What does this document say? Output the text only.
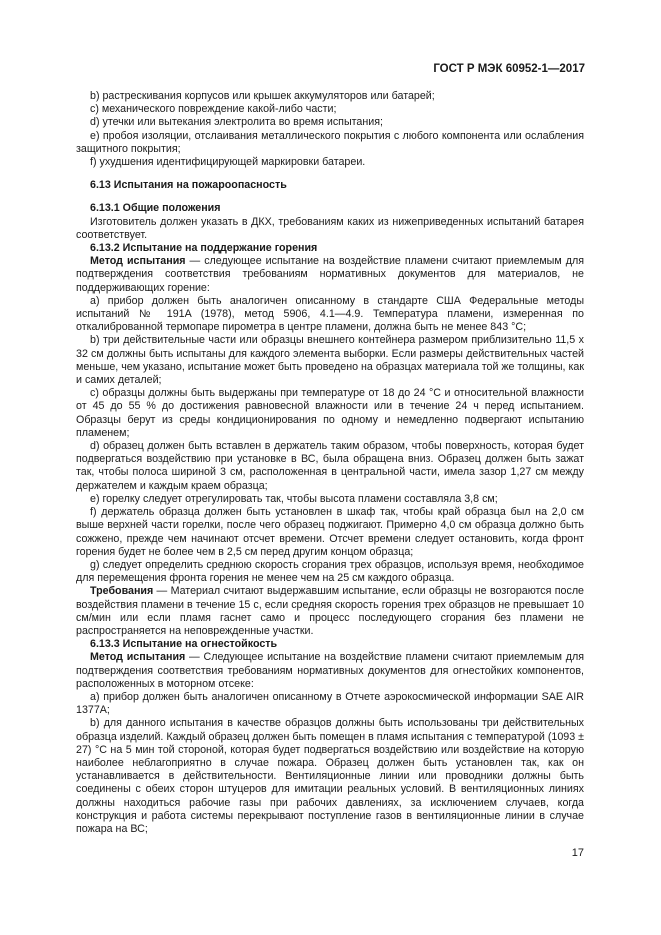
ГОСТ Р МЭК 60952-1—2017

b) растрескивания корпусов или крышек аккумуляторов или батарей;

c) механического повреждение какой-либо части;

d) утечки или вытекания электролита во время испытания;

e) пробоя изоляции, отслаивания металлического покрытия с любого компонента или ослабления защитного покрытия;

f) ухудшения идентифицирующей маркировки батареи.

6.13 Испытания на пожароопасность

6.13.1 Общие положения

Изготовитель должен указать в ДКХ, требованиям каких из нижеприведенных испытаний батарея соответствует.

6.13.2 Испытание на поддержание горения

Метод испытания — следующее испытание на воздействие пламени считают приемлемым для подтверждения соответствия требованиям нормативных документов для материалов, не поддерживающих горение:

a) прибор должен быть аналогичен описанному в стандарте США Федеральные методы испытаний № 191A (1978), метод 5906, 4.1—4.9. Температура пламени, измеренная по откалиброванной термопаре пирометра в центре пламени, должна быть не менее 843 °C;

b) три действительные части или образцы внешнего контейнера размером приблизительно 11,5 х 32 см должны быть испытаны для каждого элемента выборки. Если размеры действительных частей меньше, чем указано, испытание может быть проведено на образцах материала той же толщины, как и самих деталей;

c) образцы должны быть выдержаны при температуре от 18 до 24 °C и относительной влажности от 45 до 55 % до достижения равновесной влажности или в течение 24 ч перед испытанием. Образцы берут из среды кондиционирования по одному и немедленно подвергают испытанию пламенем;

d) образец должен быть вставлен в держатель таким образом, чтобы поверхность, которая будет подвергаться воздействию при установке в ВС, была обращена вниз. Образец должен быть зажат так, чтобы полоса шириной 3 см, расположенная в центральной части, имела зазор 1,27 см между держателем и каждым краем образца;

e) горелку следует отрегулировать так, чтобы высота пламени составляла 3,8 см;

f) держатель образца должен быть установлен в шкаф так, чтобы край образца был на 2,0 см выше верхней части горелки, после чего образец поджигают. Примерно 4,0 см образца должно быть сожжено, прежде чем начинают отсчет времени. Отсчет времени следует остановить, когда фронт горения будет не более чем в 2,5 см перед другим концом образца;

g) следует определить среднюю скорость сгорания трех образцов, используя время, необходимое для перемещения фронта горения не менее чем на 25 см каждого образца.

Требования — Материал считают выдержавшим испытание, если образцы не возгораются после воздействия пламени в течение 15 с, если средняя скорость горения трех образцов не превышает 10 см/мин или если пламя гаснет само и процесс последующего сгорания без пламени не распространяется на неповрежденные участки.

6.13.3 Испытание на огнестойкость

Метод испытания — Следующее испытание на воздействие пламени считают приемлемым для подтверждения соответствия требованиям нормативных документов для огнестойких компонентов, расположенных в моторном отсеке:

a) прибор должен быть аналогичен описанному в Отчете аэрокосмической информации SAE AIR 1377A;

b) для данного испытания в качестве образцов должны быть использованы три действительных образца изделий. Каждый образец должен быть помещен в пламя испытания с температурой (1093 ± 27) °C на 5 мин той стороной, которая будет подвергаться воздействию или воздействие на которую наиболее неблагоприятно в случае пожара. Образец должен быть установлен так, как он устанавливается в действительности. Вентиляционные линии или проводники должны быть соединены с обеих сторон штуцеров для имитации реальных условий. В вентиляционных линиях должны находиться рабочие газы при рабочих давлениях, за исключением случаев, когда конструкция и работа системы перекрывают поступление газов в вентиляционные линии в случае пожара на ВС;

17
